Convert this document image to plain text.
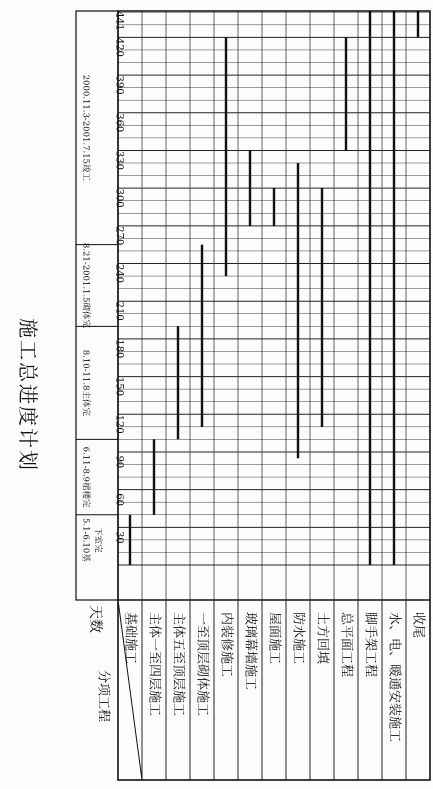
施工总进度计划
基础施工 主体一至四层施工 主体五至顶层施工 一至顶层砌体施工 内装修施工 玻璃幕墙施工 屋面施工 防水施工 土方回填 总平面工程 脚手架工程 水、电、暖通安装施工 收尾
天数
分项工程
30
60
90
120
150
180
210
240
270
300
330
360
390
420
441
5.1-6.10基 下室完
6.11-8.9裙楼完
8.10-11.8主体完
8.21-2001.1.5砌体完
2000.11.3-2001.7.15竣工
